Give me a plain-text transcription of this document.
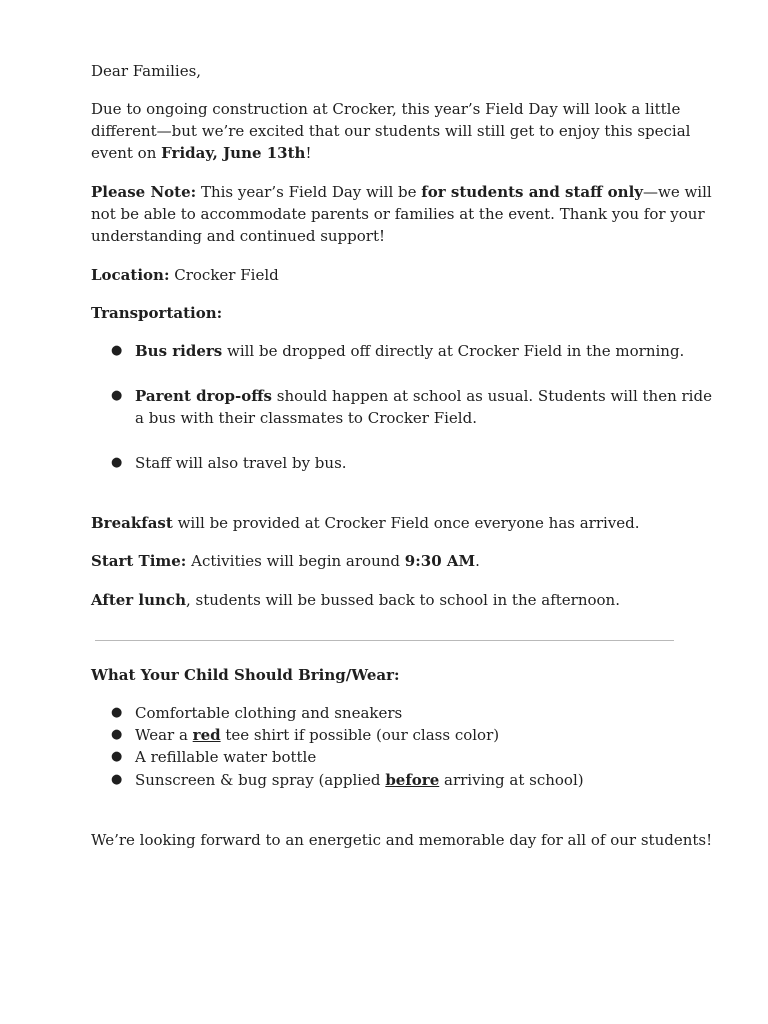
Dear Families,
Due to ongoing construction at Crocker, this year’s Field Day will look a little
different—but we’re excited that our students will still get to enjoy this special
event on Friday, June 13th!
Please Note: This year’s Field Day will be for students and staff only—we will
not be able to accommodate parents or families at the event. Thank you for your
understanding and continued support!
Location: Crocker Field
Transportation:
● Bus riders will be dropped off directly at Crocker Field in the morning.
● Parent drop-offs should happen at school as usual. Students will then ride
a bus with their classmates to Crocker Field.
● Staff will also travel by bus.
Breakfast will be provided at Crocker Field once everyone has arrived.
Start Time: Activities will begin around 9:30 AM.
After lunch, students will be bussed back to school in the afternoon.
What Your Child Should Bring/Wear:
● Comfortable clothing and sneakers
● Wear a red tee shirt if possible (our class color)
● A refillable water bottle
● Sunscreen & bug spray (applied before arriving at school)
We’re looking forward to an energetic and memorable day for all of our students!
